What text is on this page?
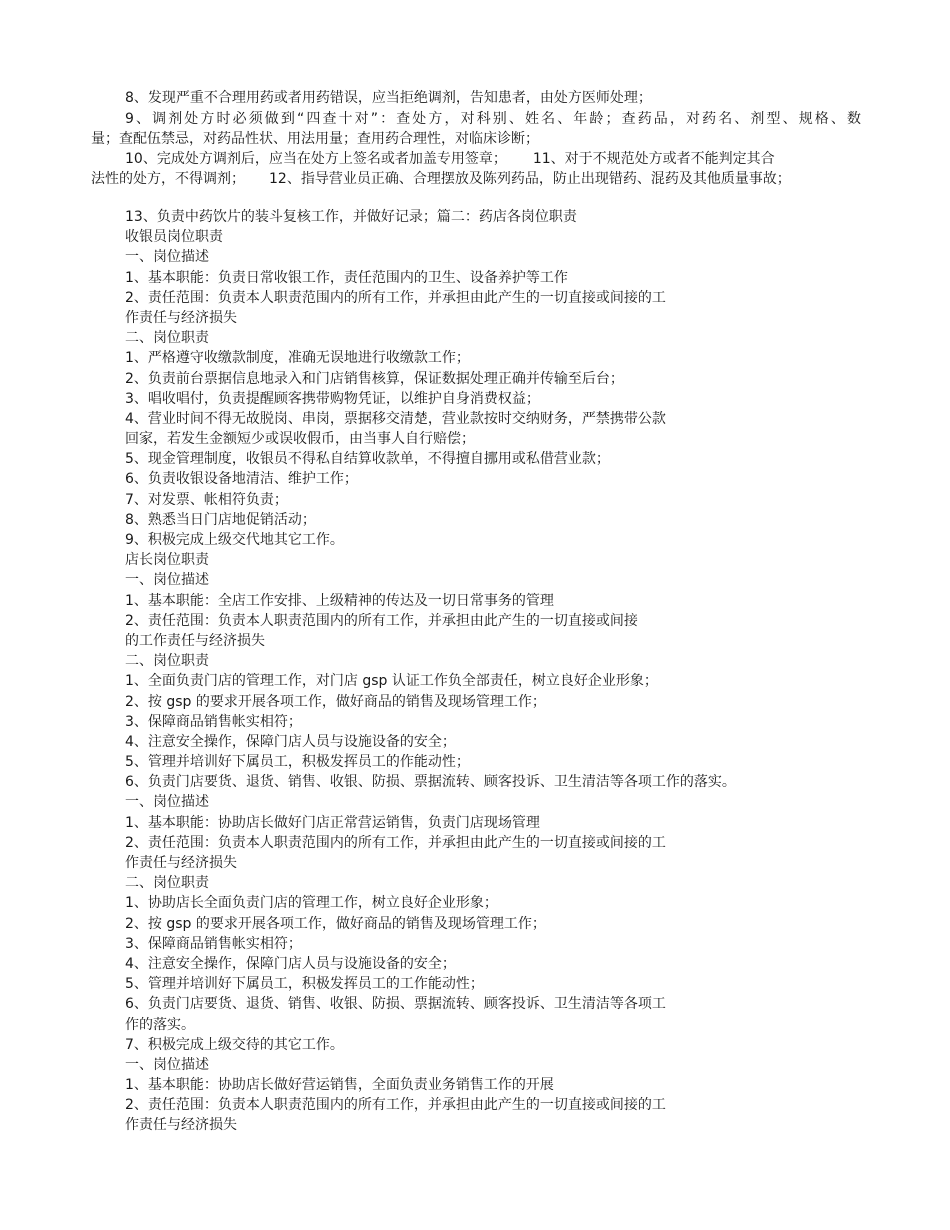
8、发现严重不合理用药或者用药错误，应当拒绝调剂，告知患者，由处方医师处理；
9、调剂处方时必须做到“四查十对”：查处方，对科别、姓名、年龄；查药品，对药名、剂型、规格、数
量；查配伍禁忌，对药品性状、用法用量；查用药合理性，对临床诊断；
10、完成处方调剂后，应当在处方上签名或者加盖专用签章； 11、对于不规范处方或者不能判定其合
法性的处方，不得调剂； 12、指导营业员正确、合理摆放及陈列药品，防止出现错药、混药及其他质量事故；
13、负责中药饮片的装斗复核工作，并做好记录；篇二：药店各岗位职责
收银员岗位职责
一、岗位描述
1、基本职能：负责日常收银工作，责任范围内的卫生、设备养护等工作
2、责任范围：负责本人职责范围内的所有工作，并承担由此产生的一切直接或间接的工
作责任与经济损失
二、岗位职责
1、严格遵守收缴款制度，准确无误地进行收缴款工作；
2、负责前台票据信息地录入和门店销售核算，保证数据处理正确并传输至后台；
3、唱收唱付，负责提醒顾客携带购物凭证，以维护自身消费权益；
4、营业时间不得无故脱岗、串岗，票据移交清楚，营业款按时交纳财务，严禁携带公款
回家，若发生金额短少或误收假币，由当事人自行赔偿；
5、现金管理制度，收银员不得私自结算收款单，不得擅自挪用或私借营业款；
6、负责收银设备地清洁、维护工作；
7、对发票、帐相符负责；
8、熟悉当日门店地促销活动；
9、积极完成上级交代地其它工作。
店长岗位职责
一、岗位描述
1、基本职能：全店工作安排、上级精神的传达及一切日常事务的管理
2、责任范围：负责本人职责范围内的所有工作，并承担由此产生的一切直接或间接
的工作责任与经济损失
二、岗位职责
1、全面负责门店的管理工作，对门店 gsp 认证工作负全部责任，树立良好企业形象；
2、按 gsp 的要求开展各项工作，做好商品的销售及现场管理工作；
3、保障商品销售帐实相符；
4、注意安全操作，保障门店人员与设施设备的安全；
5、管理并培训好下属员工，积极发挥员工的作能动性；
6、负责门店要货、退货、销售、收银、防损、票据流转、顾客投诉、卫生清洁等各项工作的落实。
一、岗位描述
1、基本职能：协助店长做好门店正常营运销售，负责门店现场管理
2、责任范围：负责本人职责范围内的所有工作，并承担由此产生的一切直接或间接的工
作责任与经济损失
二、岗位职责
1、协助店长全面负责门店的管理工作，树立良好企业形象；
2、按 gsp 的要求开展各项工作，做好商品的销售及现场管理工作；
3、保障商品销售帐实相符；
4、注意安全操作，保障门店人员与设施设备的安全；
5、管理并培训好下属员工，积极发挥员工的工作能动性；
6、负责门店要货、退货、销售、收银、防损、票据流转、顾客投诉、卫生清洁等各项工
作的落实。
7、积极完成上级交待的其它工作。
一、岗位描述
1、基本职能：协助店长做好营运销售，全面负责业务销售工作的开展
2、责任范围：负责本人职责范围内的所有工作，并承担由此产生的一切直接或间接的工
作责任与经济损失
